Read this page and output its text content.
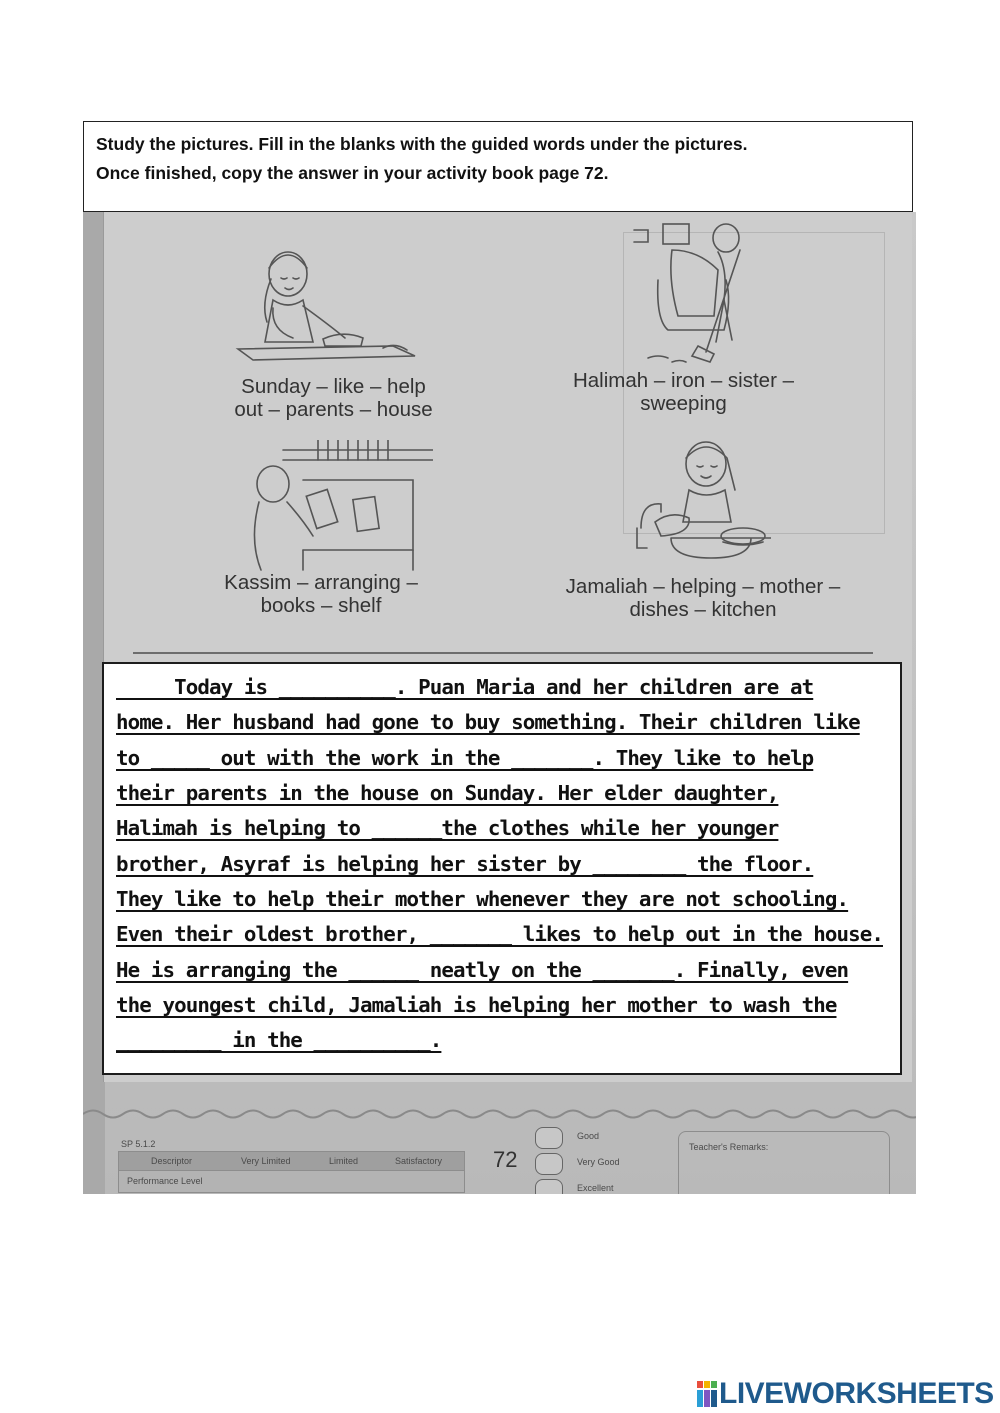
Study the pictures. Fill in the blanks with the guided words under the pictures.

Once finished, copy the answer in your activity book page 72.

Sunday – like – help
out – parents – house
Halimah – iron – sister –
sweeping
Kassim – arranging –
books – shelf
Jamaliah – helping – mother –
dishes – kitchen
SP 5.1.2
Descriptor	Very Limited	Limited	Satisfactory
Performance Level
72
Good
Very Good
Excellent
Teacher's Remarks:

Today is __________. Puan Maria and her children are at

home. Her husband had gone to buy something. Their children like

to _____ out with the work in the _______. They like to help

their parents in the house on Sunday. Her elder daughter,

Halimah is helping to ______the clothes while her younger

brother, Asyraf is helping her sister by ________ the floor.

They like to help their mother whenever they are not schooling.

Even their oldest brother, _______ likes to help out in the house.

He is arranging the ______ neatly on the _______. Finally, even

the youngest child, Jamaliah is helping her mother to wash the

_________ in the __________.

LIVEWORKSHEETS
